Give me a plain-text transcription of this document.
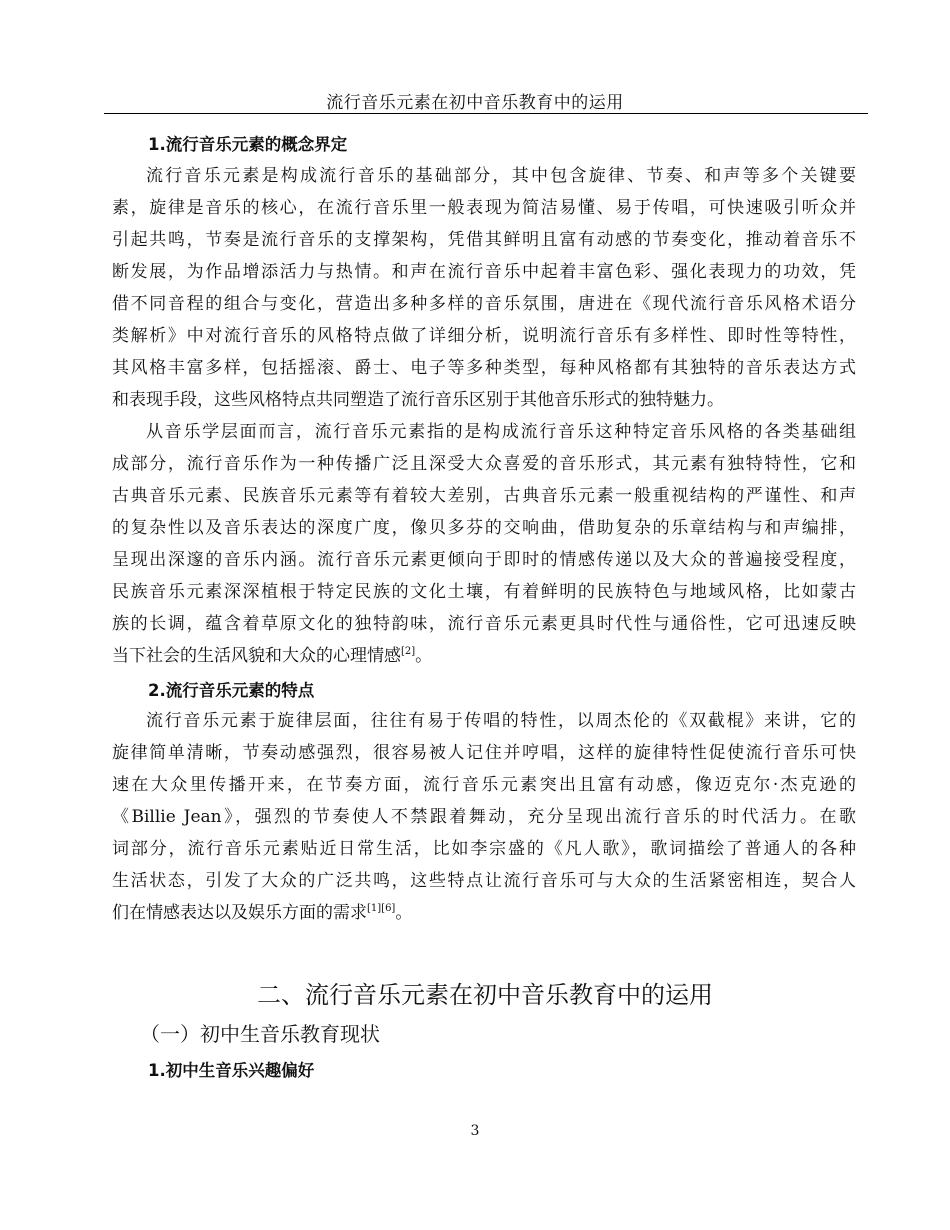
流行音乐元素在初中音乐教育中的运用
1.流行音乐元素的概念界定
流行音乐元素是构成流行音乐的基础部分，其中包含旋律、节奏、和声等多个关键要
素，旋律是音乐的核心，在流行音乐里一般表现为简洁易懂、易于传唱，可快速吸引听众并
引起共鸣，节奏是流行音乐的支撑架构，凭借其鲜明且富有动感的节奏变化，推动着音乐不
断发展，为作品增添活力与热情。和声在流行音乐中起着丰富色彩、强化表现力的功效，凭
借不同音程的组合与变化，营造出多种多样的音乐氛围，唐进在《现代流行音乐风格术语分
类解析》中对流行音乐的风格特点做了详细分析，说明流行音乐有多样性、即时性等特性，
其风格丰富多样，包括摇滚、爵士、电子等多种类型，每种风格都有其独特的音乐表达方式
和表现手段，这些风格特点共同塑造了流行音乐区别于其他音乐形式的独特魅力。
从音乐学层面而言，流行音乐元素指的是构成流行音乐这种特定音乐风格的各类基础组
成部分，流行音乐作为一种传播广泛且深受大众喜爱的音乐形式，其元素有独特特性，它和
古典音乐元素、民族音乐元素等有着较大差别，古典音乐元素一般重视结构的严谨性、和声
的复杂性以及音乐表达的深度广度，像贝多芬的交响曲，借助复杂的乐章结构与和声编排，
呈现出深邃的音乐内涵。流行音乐元素更倾向于即时的情感传递以及大众的普遍接受程度，
民族音乐元素深深植根于特定民族的文化土壤，有着鲜明的民族特色与地域风格，比如蒙古
族的长调，蕴含着草原文化的独特韵味，流行音乐元素更具时代性与通俗性，它可迅速反映
当下社会的生活风貌和大众的心理情感[2]。
2.流行音乐元素的特点
流行音乐元素于旋律层面，往往有易于传唱的特性，以周杰伦的《双截棍》来讲，它的
旋律简单清晰，节奏动感强烈，很容易被人记住并哼唱，这样的旋律特性促使流行音乐可快
速在大众里传播开来，在节奏方面，流行音乐元素突出且富有动感，像迈克尔·杰克逊的
《Billie Jean》，强烈的节奏使人不禁跟着舞动，充分呈现出流行音乐的时代活力。在歌
词部分，流行音乐元素贴近日常生活，比如李宗盛的《凡人歌》，歌词描绘了普通人的各种
生活状态，引发了大众的广泛共鸣，这些特点让流行音乐可与大众的生活紧密相连，契合人
们在情感表达以及娱乐方面的需求[1][6]。
二、流行音乐元素在初中音乐教育中的运用
（一）初中生音乐教育现状
1.初中生音乐兴趣偏好
3
